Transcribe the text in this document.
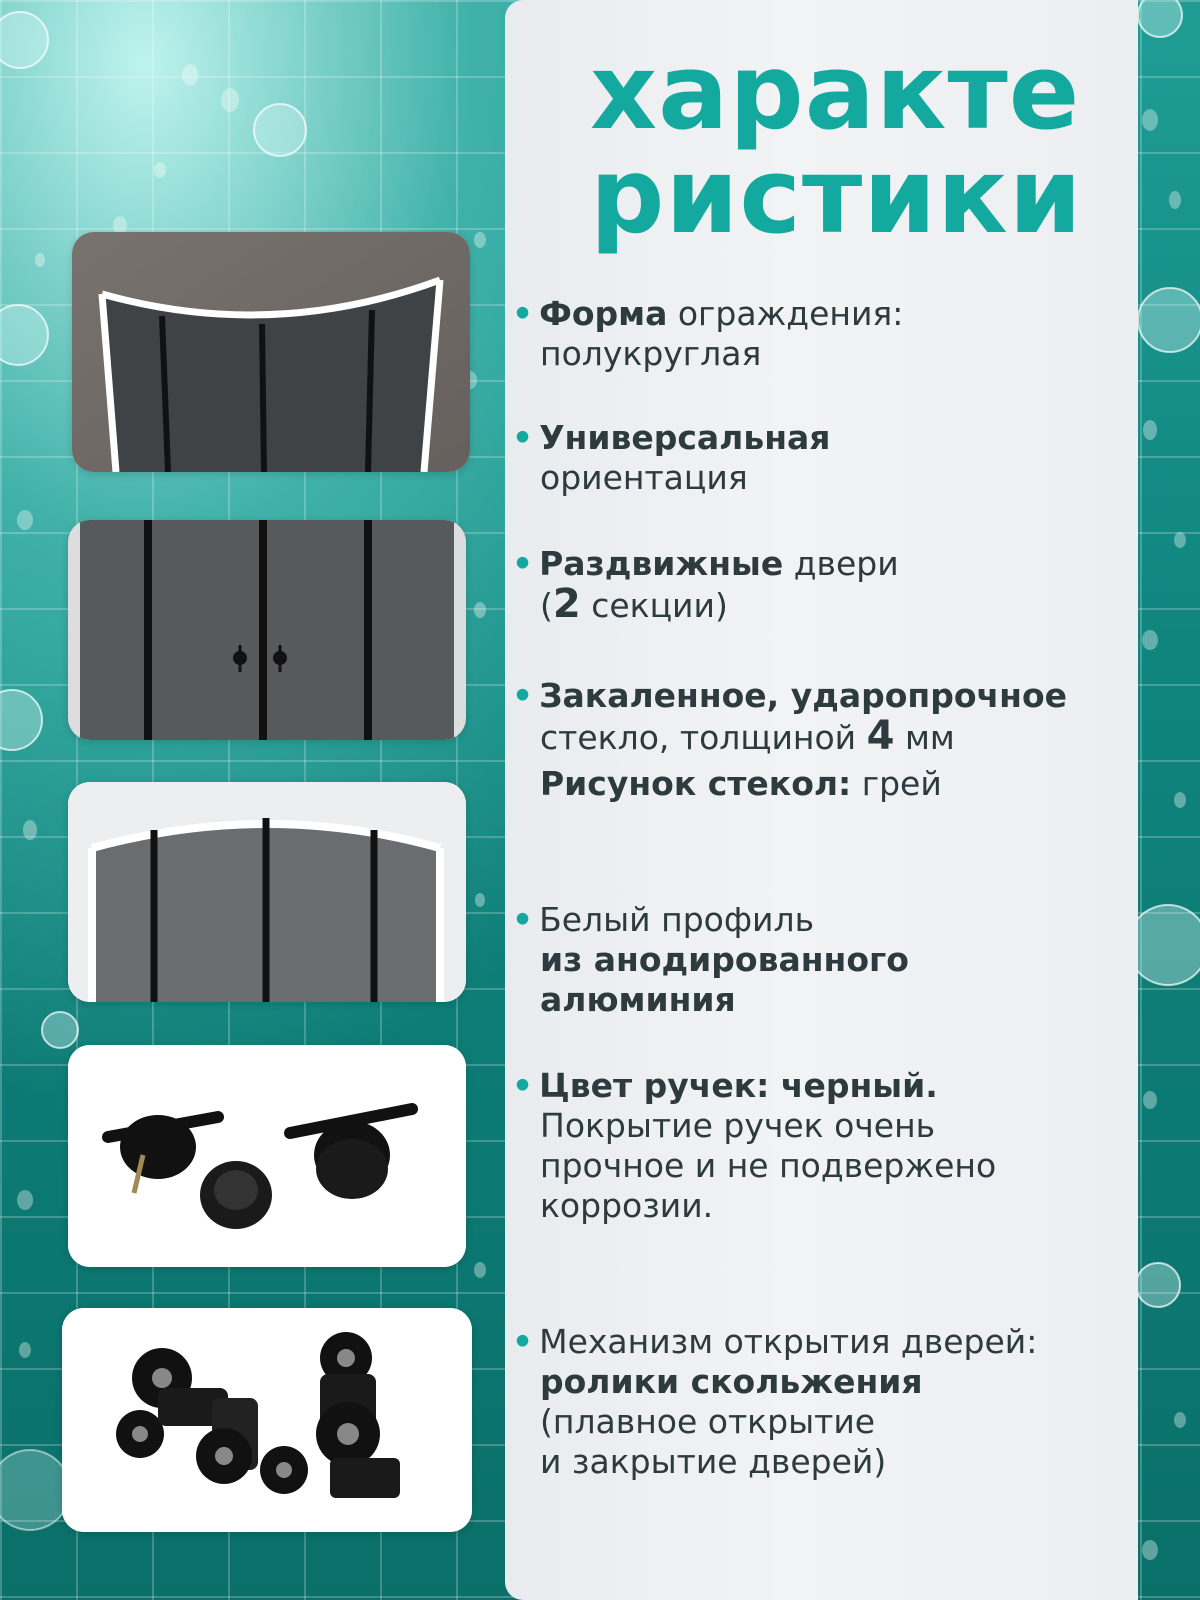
характе
ристики
• Форма ограждения:
полукруглая
• Универсальная
ориентация
• Раздвижные двери
(2 секции)
• Закаленное, ударопрочное
стекло, толщиной 4 мм
Рисунок стекол: грей
• Белый профиль
из анодированного
алюминия
• Цвет ручек: черный.
Покрытие ручек очень
прочное и не подвержено
коррозии.
• Механизм открытия дверей:
ролики скольжения
(плавное открытие
и закрытие дверей)
